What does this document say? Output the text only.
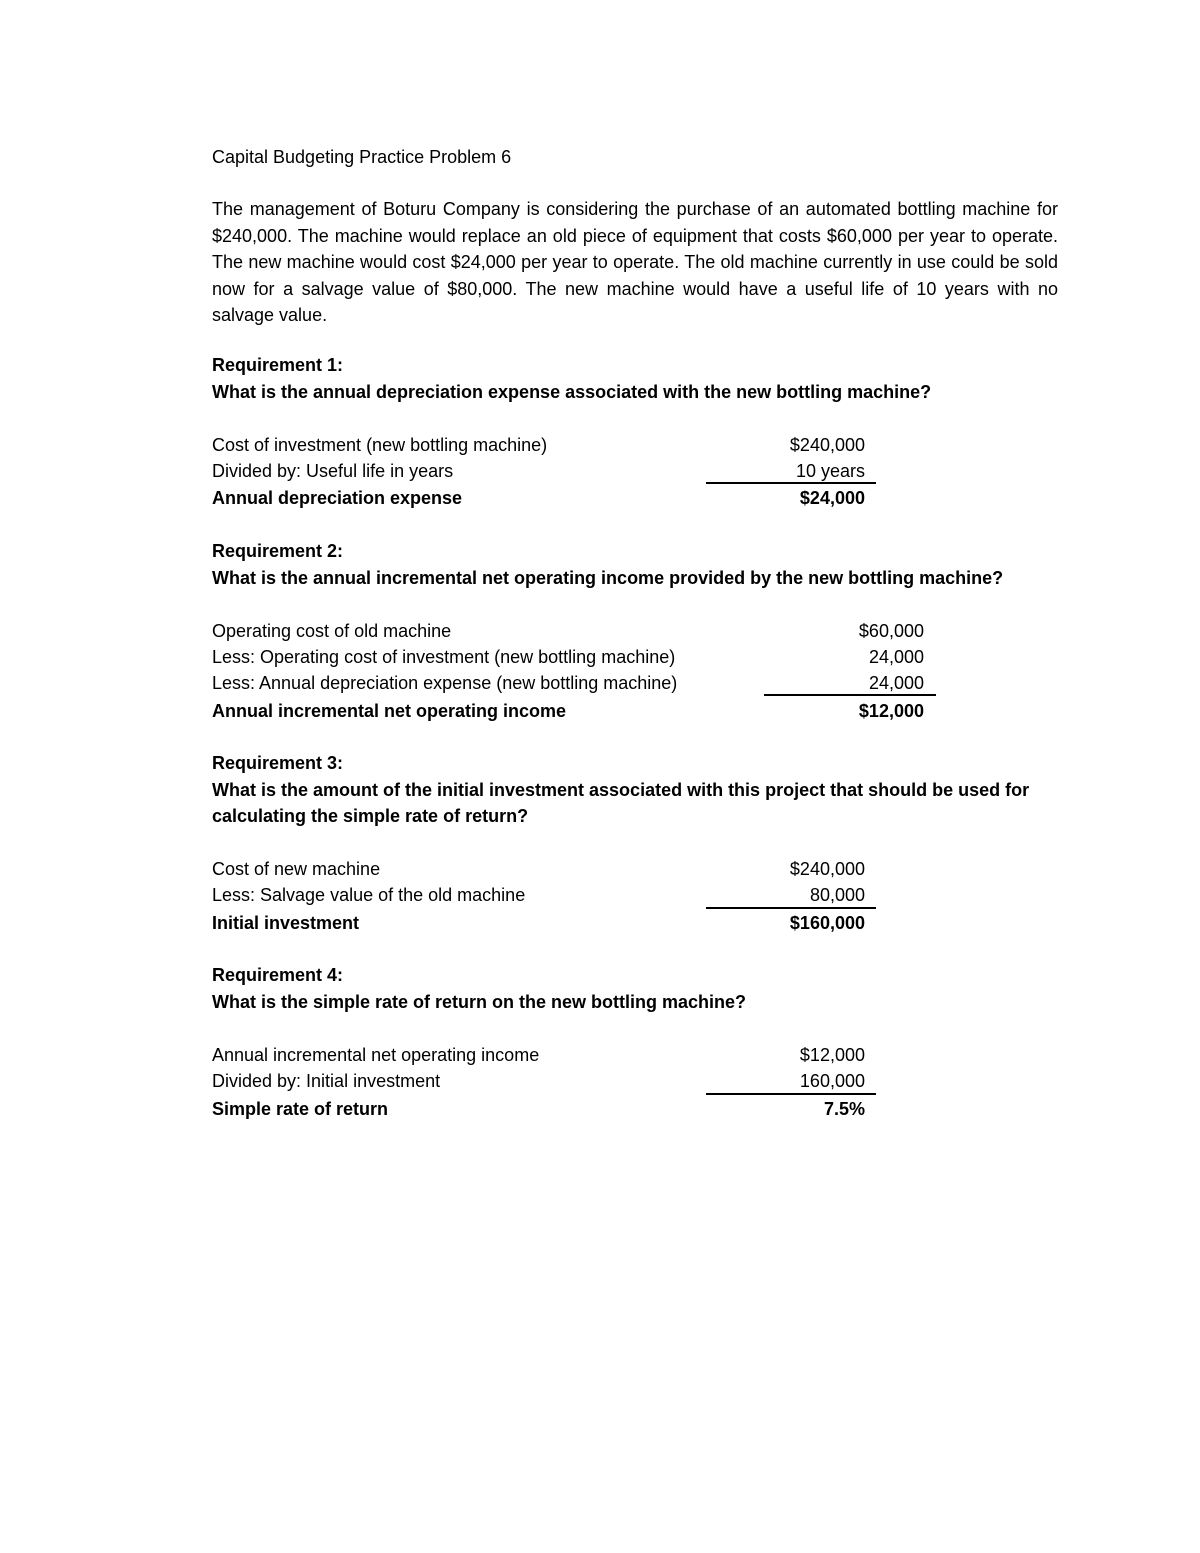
Capital Budgeting Practice Problem 6
The management of Boturu Company is considering the purchase of an automated bottling machine for $240,000. The machine would replace an old piece of equipment that costs $60,000 per year to operate. The new machine would cost $24,000 per year to operate. The old machine currently in use could be sold now for a salvage value of $80,000. The new machine would have a useful life of 10 years with no salvage value.
Requirement 1:
What is the annual depreciation expense associated with the new bottling machine?
Cost of investment (new bottling machine)	$240,000
Divided by: Useful life in years	10 years
Annual depreciation expense	$24,000
Requirement 2:
What is the annual incremental net operating income provided by the new bottling machine?
Operating cost of old machine	$60,000
Less: Operating cost of investment (new bottling machine)	24,000
Less: Annual depreciation expense (new bottling machine)	24,000
Annual incremental net operating income	$12,000
Requirement 3:
What is the amount of the initial investment associated with this project that should be used for calculating the simple rate of return?
Cost of new machine	$240,000
Less: Salvage value of the old machine	80,000
Initial investment	$160,000
Requirement 4:
What is the simple rate of return on the new bottling machine?
Annual incremental net operating income	$12,000
Divided by: Initial investment	160,000
Simple rate of return	7.5%
